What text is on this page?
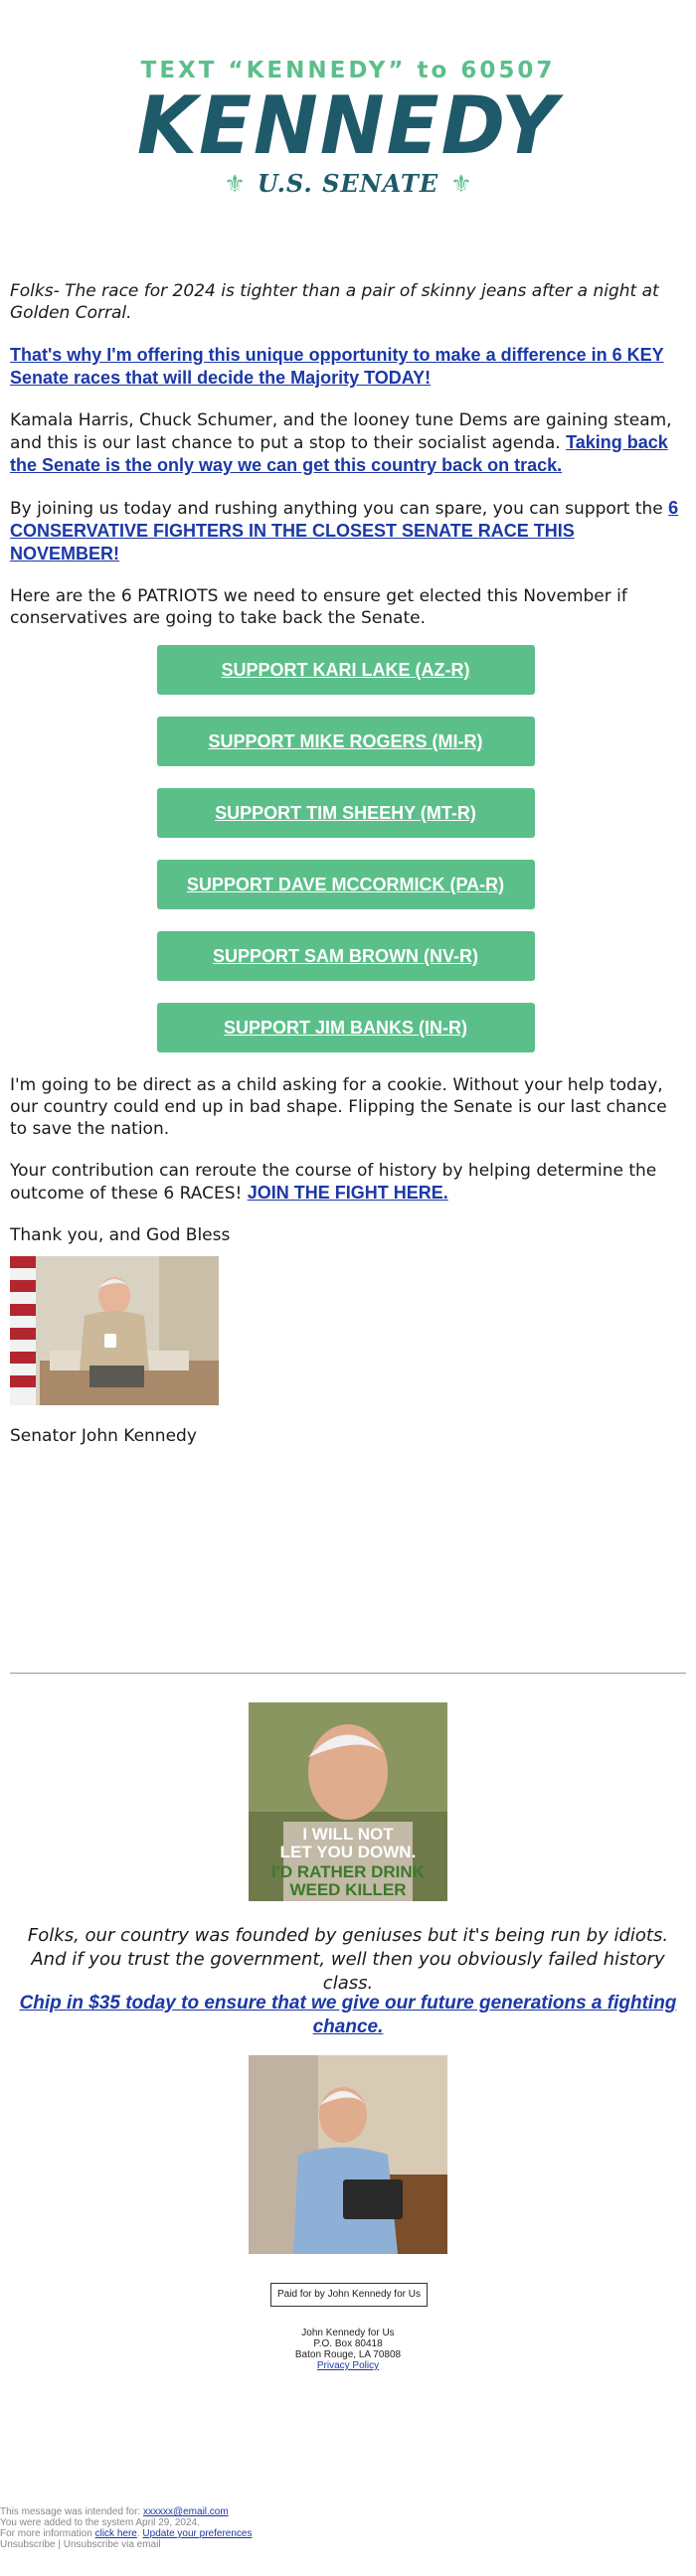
TEXT “KENNEDY” to 60507
KENNEDY
⚜ U.S. SENATE ⚜

Folks- The race for 2024 is tighter than a pair of skinny jeans after a night at Golden Corral.

That's why I'm offering this unique opportunity to make a difference in 6 KEY Senate races that will decide the Majority TODAY!

Kamala Harris, Chuck Schumer, and the looney tune Dems are gaining steam, and this is our last chance to put a stop to their socialist agenda. Taking back the Senate is the only way we can get this country back on track.

By joining us today and rushing anything you can spare, you can support the 6 CONSERVATIVE FIGHTERS IN THE CLOSEST SENATE RACE THIS NOVEMBER!

Here are the 6 PATRIOTS we need to ensure get elected this November if conservatives are going to take back the Senate.

SUPPORT KARI LAKE (AZ-R)
SUPPORT MIKE ROGERS (MI-R)
SUPPORT TIM SHEEHY (MT-R)
SUPPORT DAVE MCCORMICK (PA-R)
SUPPORT SAM BROWN (NV-R)
SUPPORT JIM BANKS (IN-R)

I'm going to be direct as a child asking for a cookie. Without your help today, our country could end up in bad shape. Flipping the Senate is our last chance to save the nation.

Your contribution can reroute the course of history by helping determine the outcome of these 6 RACES! JOIN THE FIGHT HERE.

Thank you, and God Bless

Senator John Kennedy

I WILL NOT
LET YOU DOWN.
I'D RATHER DRINK
WEED KILLER
Folks, our country was founded by geniuses but it's being run by idiots. And if you trust the government, well then you obviously failed history class.
Chip in $35 today to ensure that we give our future generations a fighting chance.
Paid for by John Kennedy for Us
John Kennedy for Us
P.O. Box 80418
Baton Rouge, LA 70808
Privacy Policy
This message was intended for: xxxxxx@email.com
You were added to the system April 29, 2024.
For more information click here. Update your preferences
Unsubscribe | Unsubscribe via email
